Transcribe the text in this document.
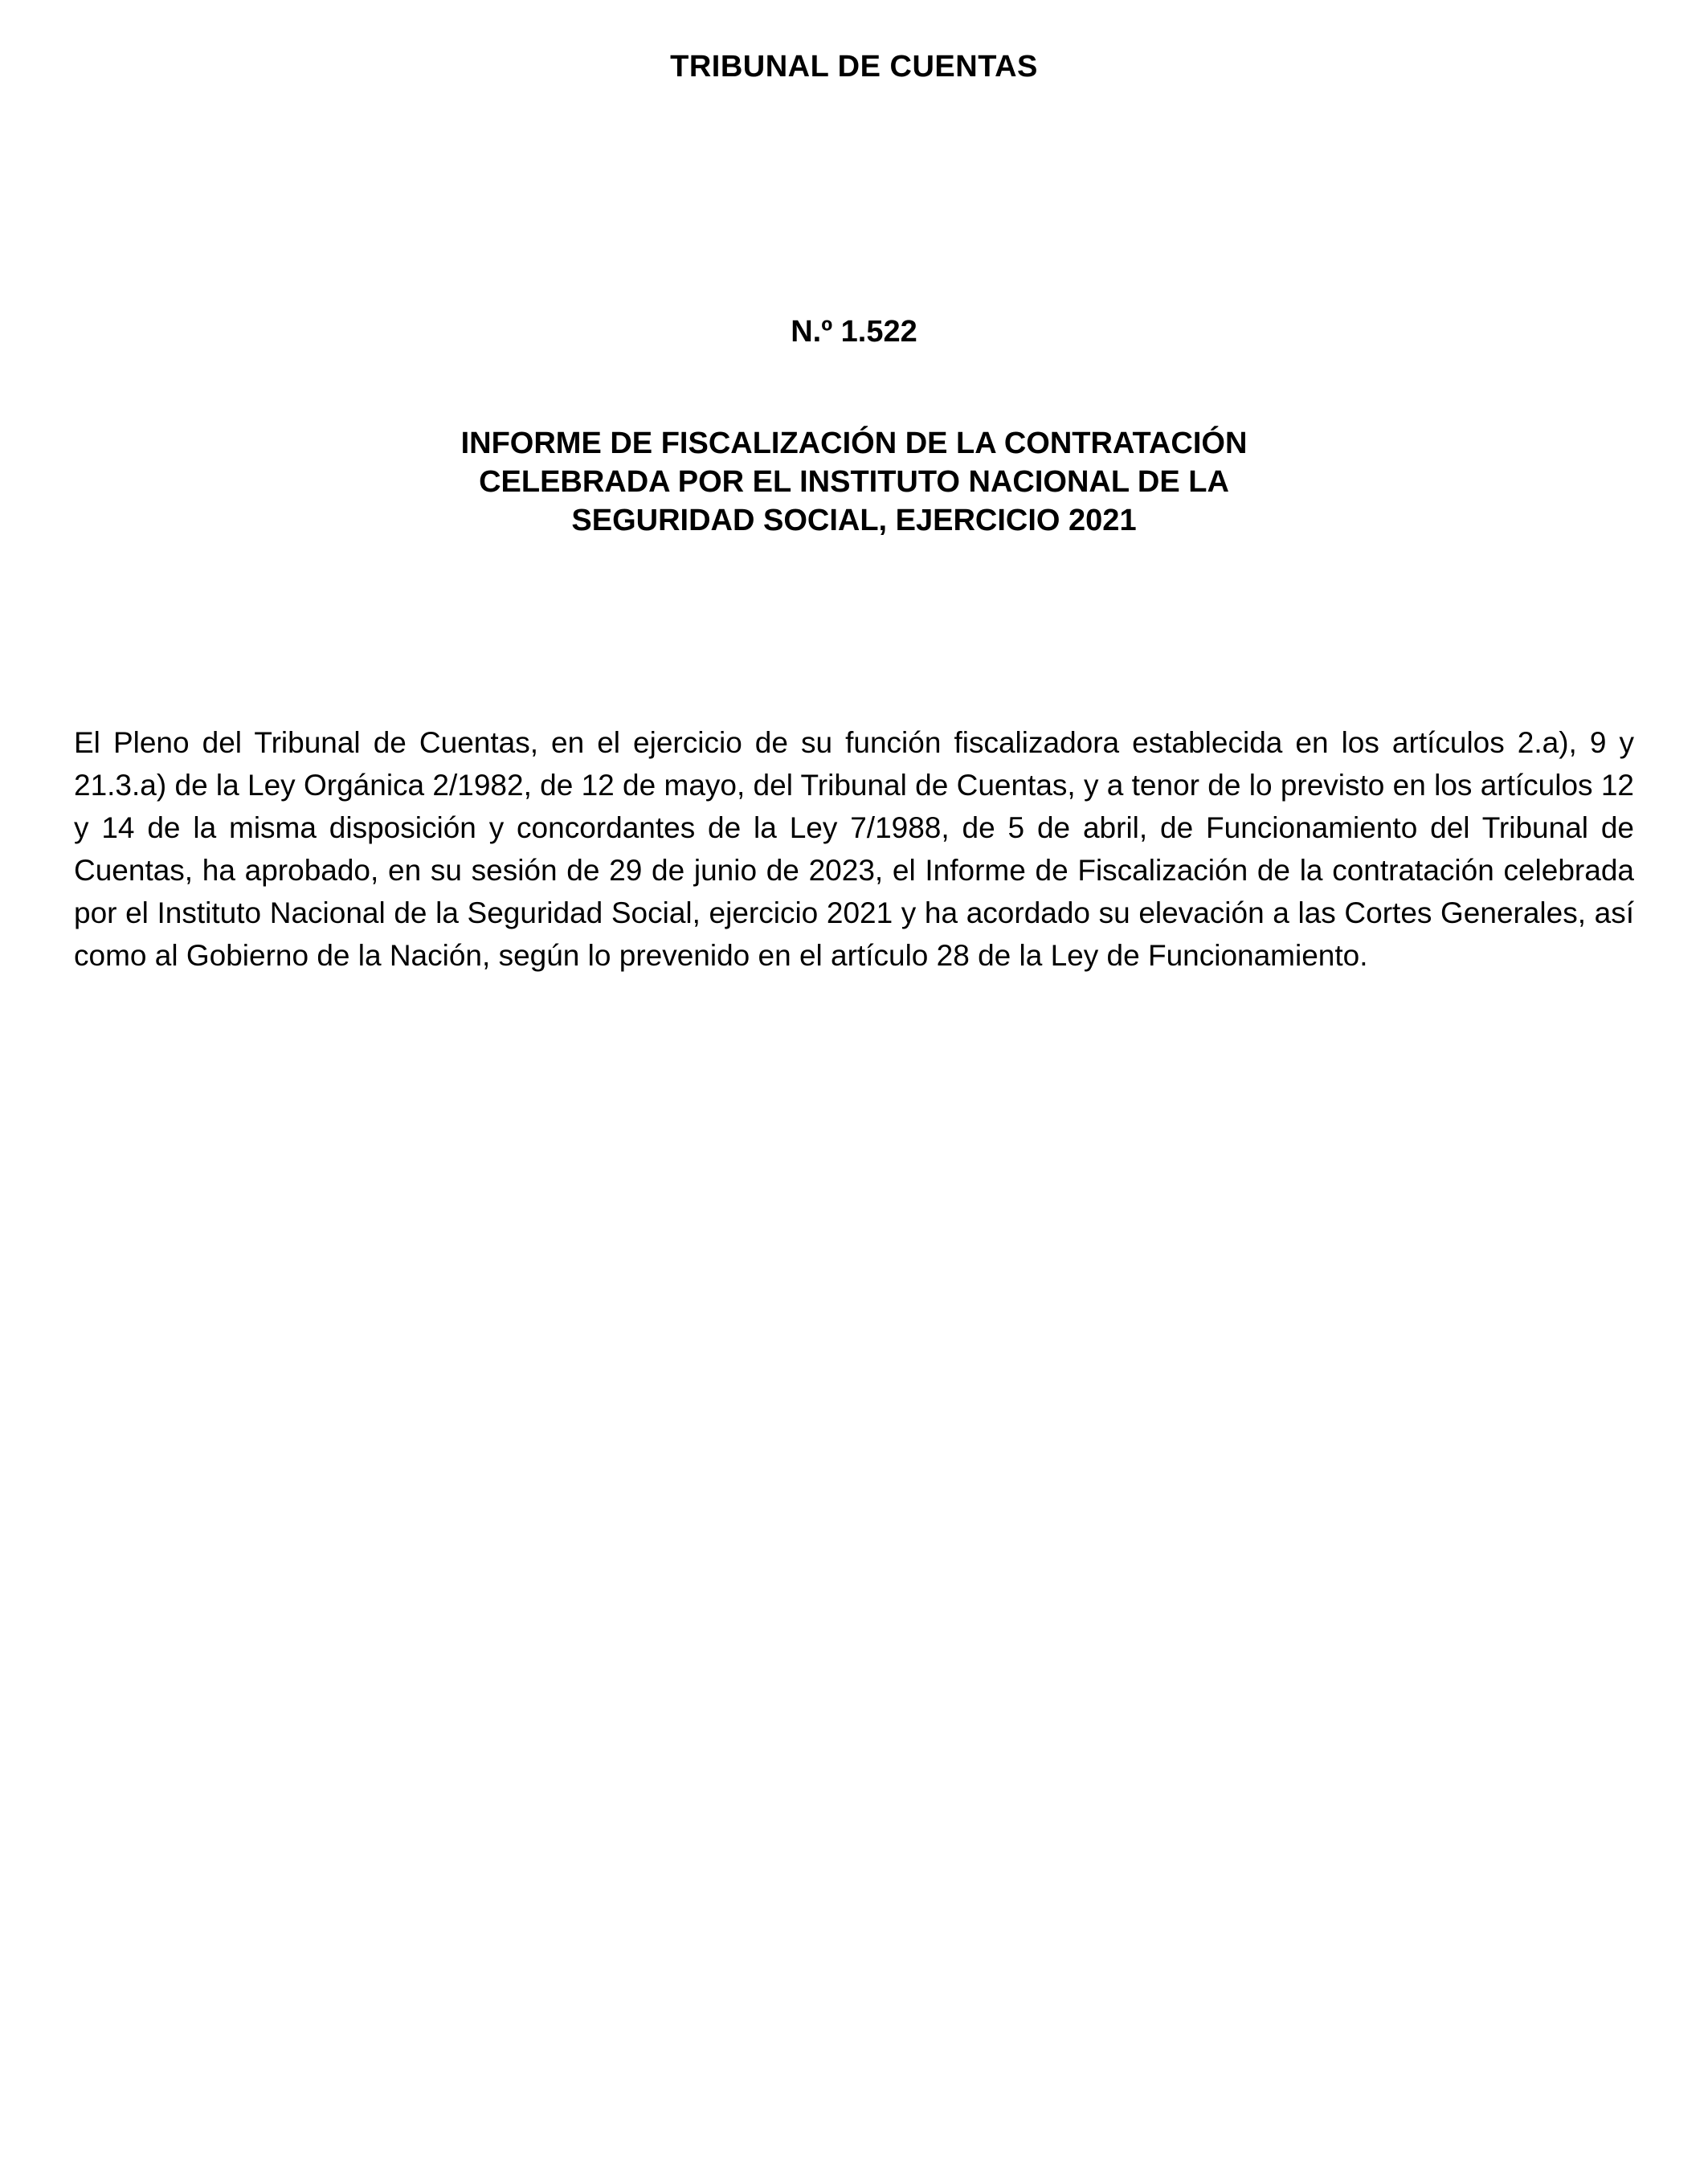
TRIBUNAL DE CUENTAS
N.º 1.522
INFORME DE FISCALIZACIÓN DE LA CONTRATACIÓN
CELEBRADA POR EL INSTITUTO NACIONAL DE LA
SEGURIDAD SOCIAL, EJERCICIO 2021
El Pleno del Tribunal de Cuentas, en el ejercicio de su función fiscalizadora establecida en los artículos 2.a), 9 y 21.3.a) de la Ley Orgánica 2/1982, de 12 de mayo, del Tribunal de Cuentas, y a tenor de lo previsto en los artículos 12 y 14 de la misma disposición y concordantes de la Ley 7/1988, de 5 de abril, de Funcionamiento del Tribunal de Cuentas, ha aprobado, en su sesión de 29 de junio de 2023, el Informe de Fiscalización de la contratación celebrada por el Instituto Nacional de la Seguridad Social, ejercicio 2021 y ha acordado su elevación a las Cortes Generales, así como al Gobierno de la Nación, según lo prevenido en el artículo 28 de la Ley de Funcionamiento.
